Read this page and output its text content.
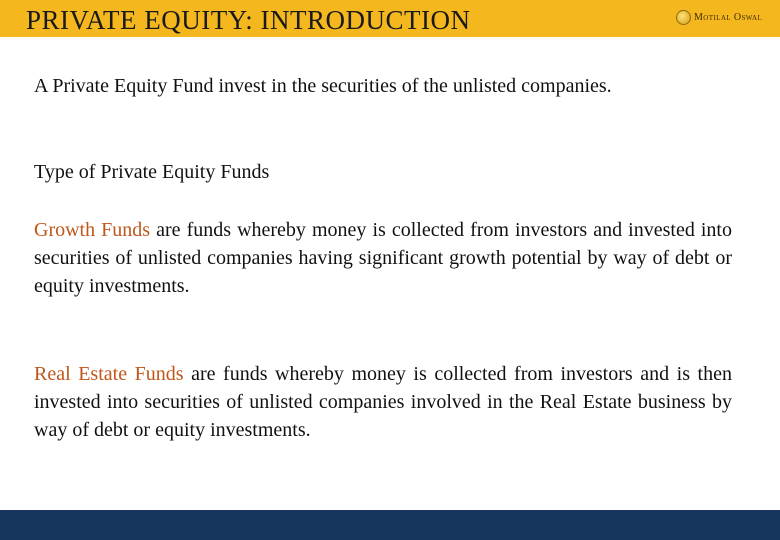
PRIVATE EQUITY: INTRODUCTION	Motilal Oswal

A Private Equity Fund invest in the securities of the unlisted companies.

Type of Private Equity Funds

Growth Funds are funds whereby money is collected from investors and invested into securities of unlisted companies having significant growth potential by way of debt or equity investments.

Real Estate Funds are funds whereby money is collected from investors and is then invested into securities of unlisted companies involved in the Real Estate business by way of debt or equity investments.
